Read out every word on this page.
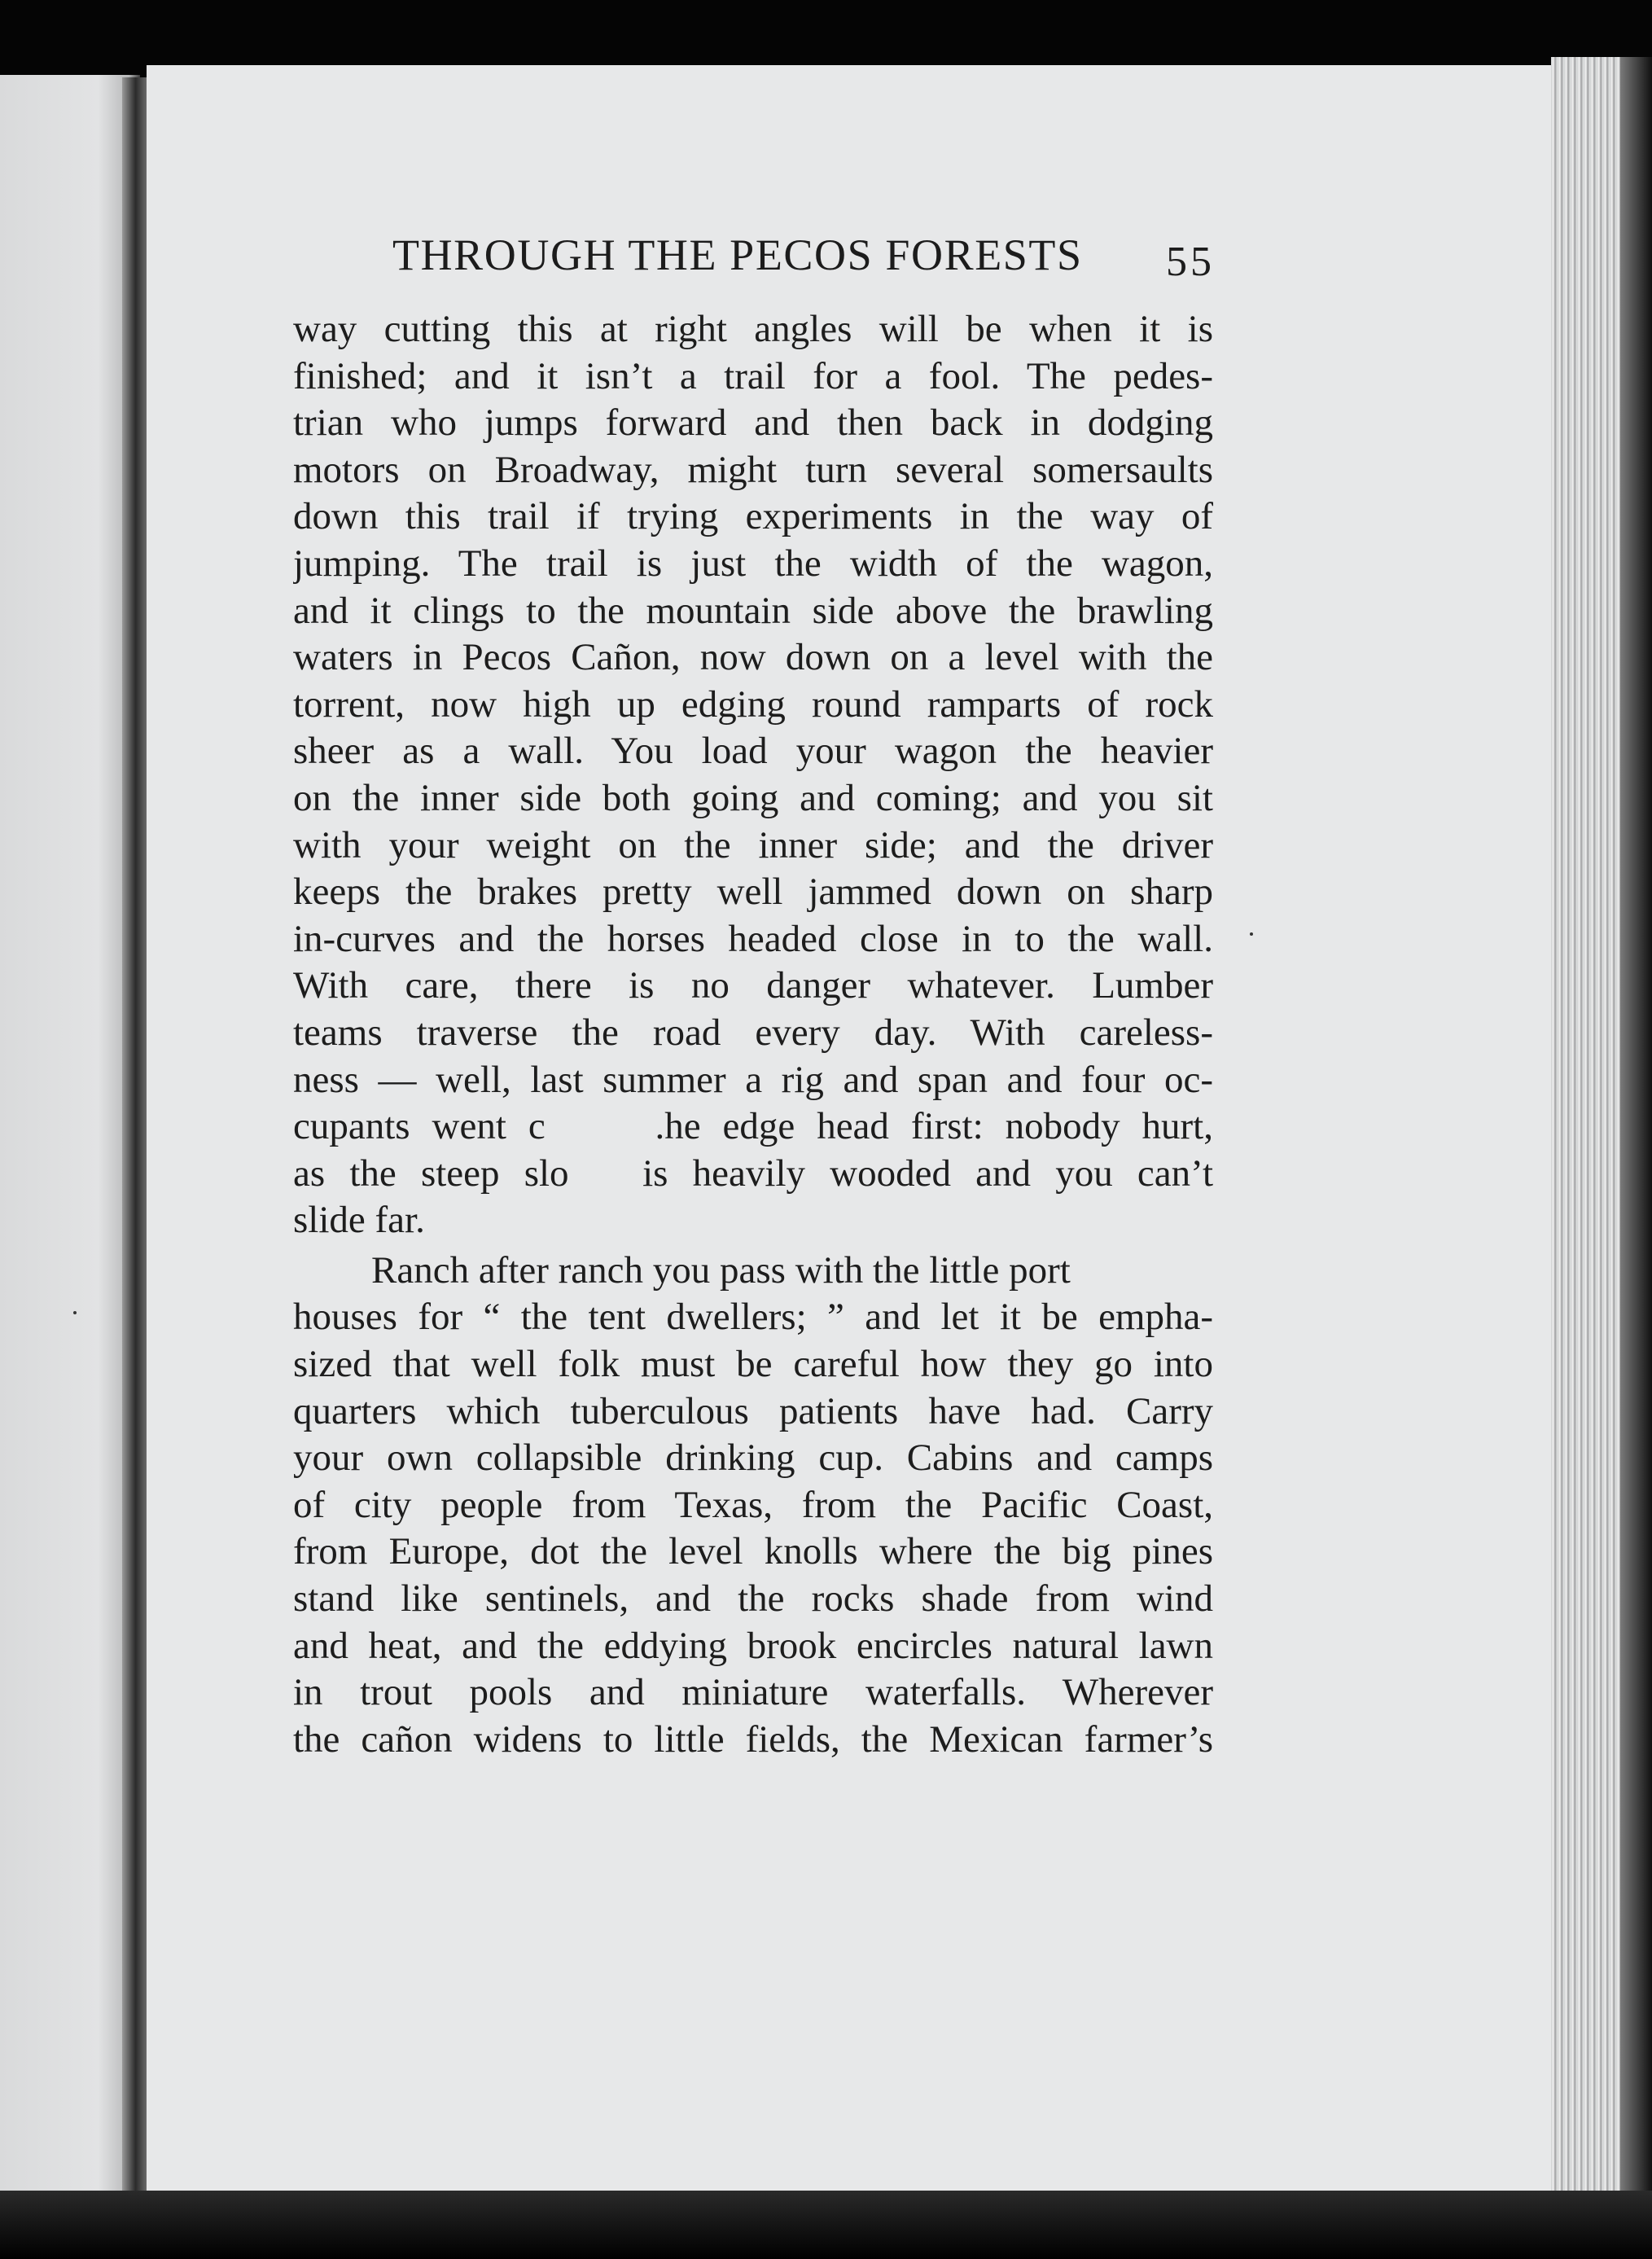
THROUGH THE PECOS FORESTS 55
way cutting this at right angles will be when it is
finished; and it isn’t a trail for a fool. The pedes-
trian who jumps forward and then back in dodging
motors on Broadway, might turn several somersaults
down this trail if trying experiments in the way of
jumping. The trail is just the width of the wagon,
and it clings to the mountain side above the brawling
waters in Pecos Cañon, now down on a level with the
torrent, now high up edging round ramparts of rock
sheer as a wall. You load your wagon the heavier
on the inner side both going and coming; and you sit
with your weight on the inner side; and the driver
keeps the brakes pretty well jammed down on sharp
in-curves and the horses headed close in to the wall.
With care, there is no danger whatever. Lumber
teams traverse the road every day. With careless-
ness — well, last summer a rig and span and four oc-
cupants went c     .he edge head first: nobody hurt,
as the steep slo   is heavily wooded and you can’t
slide far.
Ranch after ranch you pass with the little port
houses for “ the tent dwellers; ” and let it be empha-
sized that well folk must be careful how they go into
quarters which tuberculous patients have had. Carry
your own collapsible drinking cup. Cabins and camps
of city people from Texas, from the Pacific Coast,
from Europe, dot the level knolls where the big pines
stand like sentinels, and the rocks shade from wind
and heat, and the eddying brook encircles natural lawn
in trout pools and miniature waterfalls. Wherever
the cañon widens to little fields, the Mexican farmer’s
